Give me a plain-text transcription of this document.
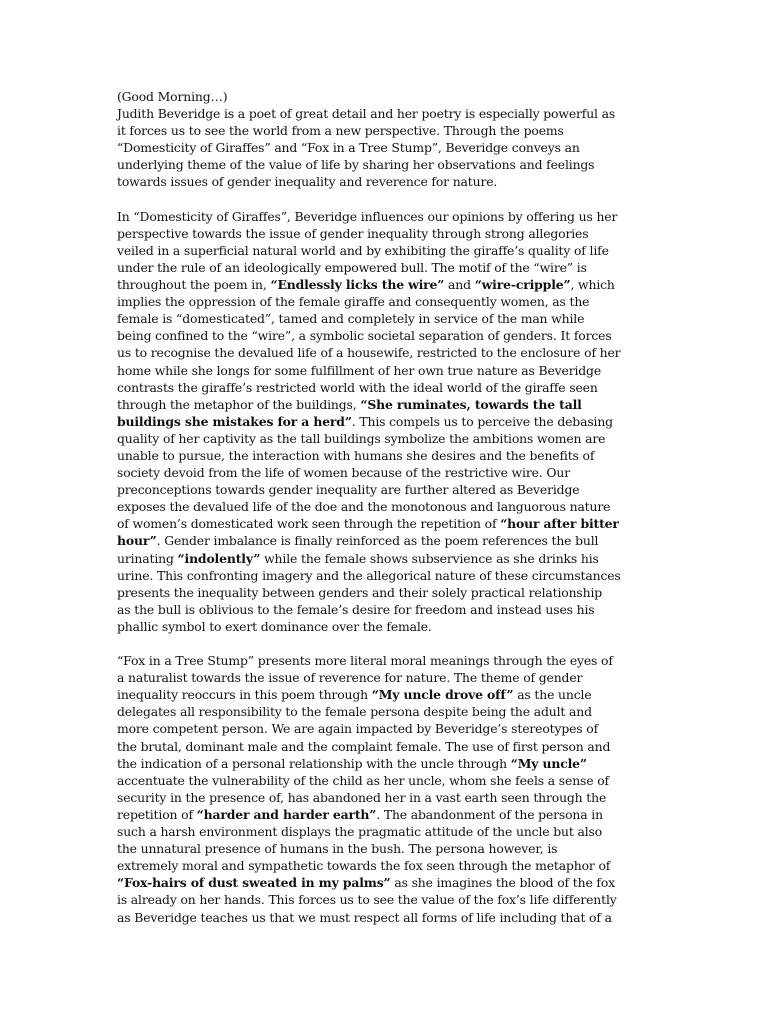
(Good Morning…)
Judith Beveridge is a poet of great detail and her poetry is especially powerful as
it forces us to see the world from a new perspective. Through the poems
“Domesticity of Giraffes” and “Fox in a Tree Stump”, Beveridge conveys an
underlying theme of the value of life by sharing her observations and feelings
towards issues of gender inequality and reverence for nature.
In “Domesticity of Giraffes”, Beveridge influences our opinions by offering us her
perspective towards the issue of gender inequality through strong allegories
veiled in a superficial natural world and by exhibiting the giraffe’s quality of life
under the rule of an ideologically empowered bull. The motif of the “wire” is
throughout the poem in, “Endlessly licks the wire” and “wire-cripple”, which
implies the oppression of the female giraffe and consequently women, as the
female is “domesticated”, tamed and completely in service of the man while
being confined to the “wire”, a symbolic societal separation of genders. It forces
us to recognise the devalued life of a housewife, restricted to the enclosure of her
home while she longs for some fulfillment of her own true nature as Beveridge
contrasts the giraffe’s restricted world with the ideal world of the giraffe seen
through the metaphor of the buildings, “She ruminates, towards the tall
buildings she mistakes for a herd”. This compels us to perceive the debasing
quality of her captivity as the tall buildings symbolize the ambitions women are
unable to pursue, the interaction with humans she desires and the benefits of
society devoid from the life of women because of the restrictive wire. Our
preconceptions towards gender inequality are further altered as Beveridge
exposes the devalued life of the doe and the monotonous and languorous nature
of women’s domesticated work seen through the repetition of “hour after bitter
hour”. Gender imbalance is finally reinforced as the poem references the bull
urinating “indolently” while the female shows subservience as she drinks his
urine. This confronting imagery and the allegorical nature of these circumstances
presents the inequality between genders and their solely practical relationship
as the bull is oblivious to the female’s desire for freedom and instead uses his
phallic symbol to exert dominance over the female.
“Fox in a Tree Stump” presents more literal moral meanings through the eyes of
a naturalist towards the issue of reverence for nature. The theme of gender
inequality reoccurs in this poem through “My uncle drove off” as the uncle
delegates all responsibility to the female persona despite being the adult and
more competent person. We are again impacted by Beveridge’s stereotypes of
the brutal, dominant male and the complaint female. The use of first person and
the indication of a personal relationship with the uncle through “My uncle”
accentuate the vulnerability of the child as her uncle, whom she feels a sense of
security in the presence of, has abandoned her in a vast earth seen through the
repetition of “harder and harder earth”. The abandonment of the persona in
such a harsh environment displays the pragmatic attitude of the uncle but also
the unnatural presence of humans in the bush. The persona however, is
extremely moral and sympathetic towards the fox seen through the metaphor of
“Fox-hairs of dust sweated in my palms” as she imagines the blood of the fox
is already on her hands. This forces us to see the value of the fox’s life differently
as Beveridge teaches us that we must respect all forms of life including that of a
